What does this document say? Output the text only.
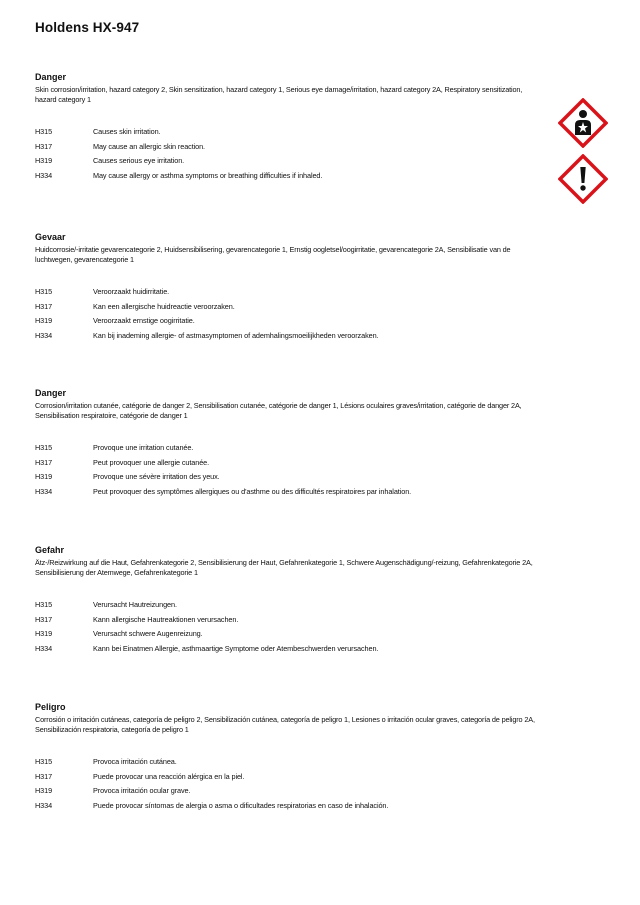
Holdens HX-947
Danger
Skin corrosion/irritation, hazard category 2, Skin sensitization, hazard category 1, Serious eye damage/irritation, hazard category 2A, Respiratory sensitization, hazard category 1
H315	Causes skin irritation.
H317	May cause an allergic skin reaction.
H319	Causes serious eye irritation.
H334	May cause allergy or asthma symptoms or breathing difficulties if inhaled.
Gevaar
Huidcorrosie/-irritatie gevarencategorie 2, Huidsensibilisering, gevarencategorie 1, Ernstig oogletsel/oogirritatie, gevarencategorie 2A, Sensibilisatie van de luchtwegen, gevarencategorie 1
H315	Veroorzaakt huidirritatie.
H317	Kan een allergische huidreactie veroorzaken.
H319	Veroorzaakt ernstige oogirritatie.
H334	Kan bij inademing allergie- of astmasymptomen of ademhalingsmoeilijkheden veroorzaken.
Danger
Corrosion/irritation cutanée, catégorie de danger 2, Sensibilisation cutanée, catégorie de danger 1, Lésions oculaires graves/irritation, catégorie de danger 2A, Sensibilisation respiratoire, catégorie de danger 1
H315	Provoque une irritation cutanée.
H317	Peut provoquer une allergie cutanée.
H319	Provoque une sévère irritation des yeux.
H334	Peut provoquer des symptômes allergiques ou d'asthme ou des difficultés respiratoires par inhalation.
Gefahr
Ätz-/Reizwirkung auf die Haut, Gefahrenkategorie 2, Sensibilisierung der Haut, Gefahrenkategorie 1, Schwere Augenschädigung/-reizung, Gefahrenkategorie 2A, Sensibilisierung der Atemwege, Gefahrenkategorie 1
H315	Verursacht Hautreizungen.
H317	Kann allergische Hautreaktionen verursachen.
H319	Verursacht schwere Augenreizung.
H334	Kann bei Einatmen Allergie, asthmaartige Symptome oder Atembeschwerden verursachen.
Peligro
Corrosión o irritación cutáneas, categoría de peligro 2, Sensibilización cutánea, categoría de peligro 1, Lesiones o irritación ocular graves, categoría de peligro 2A, Sensibilización respiratoria, categoría de peligro 1
H315	Provoca irritación cutánea.
H317	Puede provocar una reacción alérgica en la piel.
H319	Provoca irritación ocular grave.
H334	Puede provocar síntomas de alergia o asma o dificultades respiratorias en caso de inhalación.
